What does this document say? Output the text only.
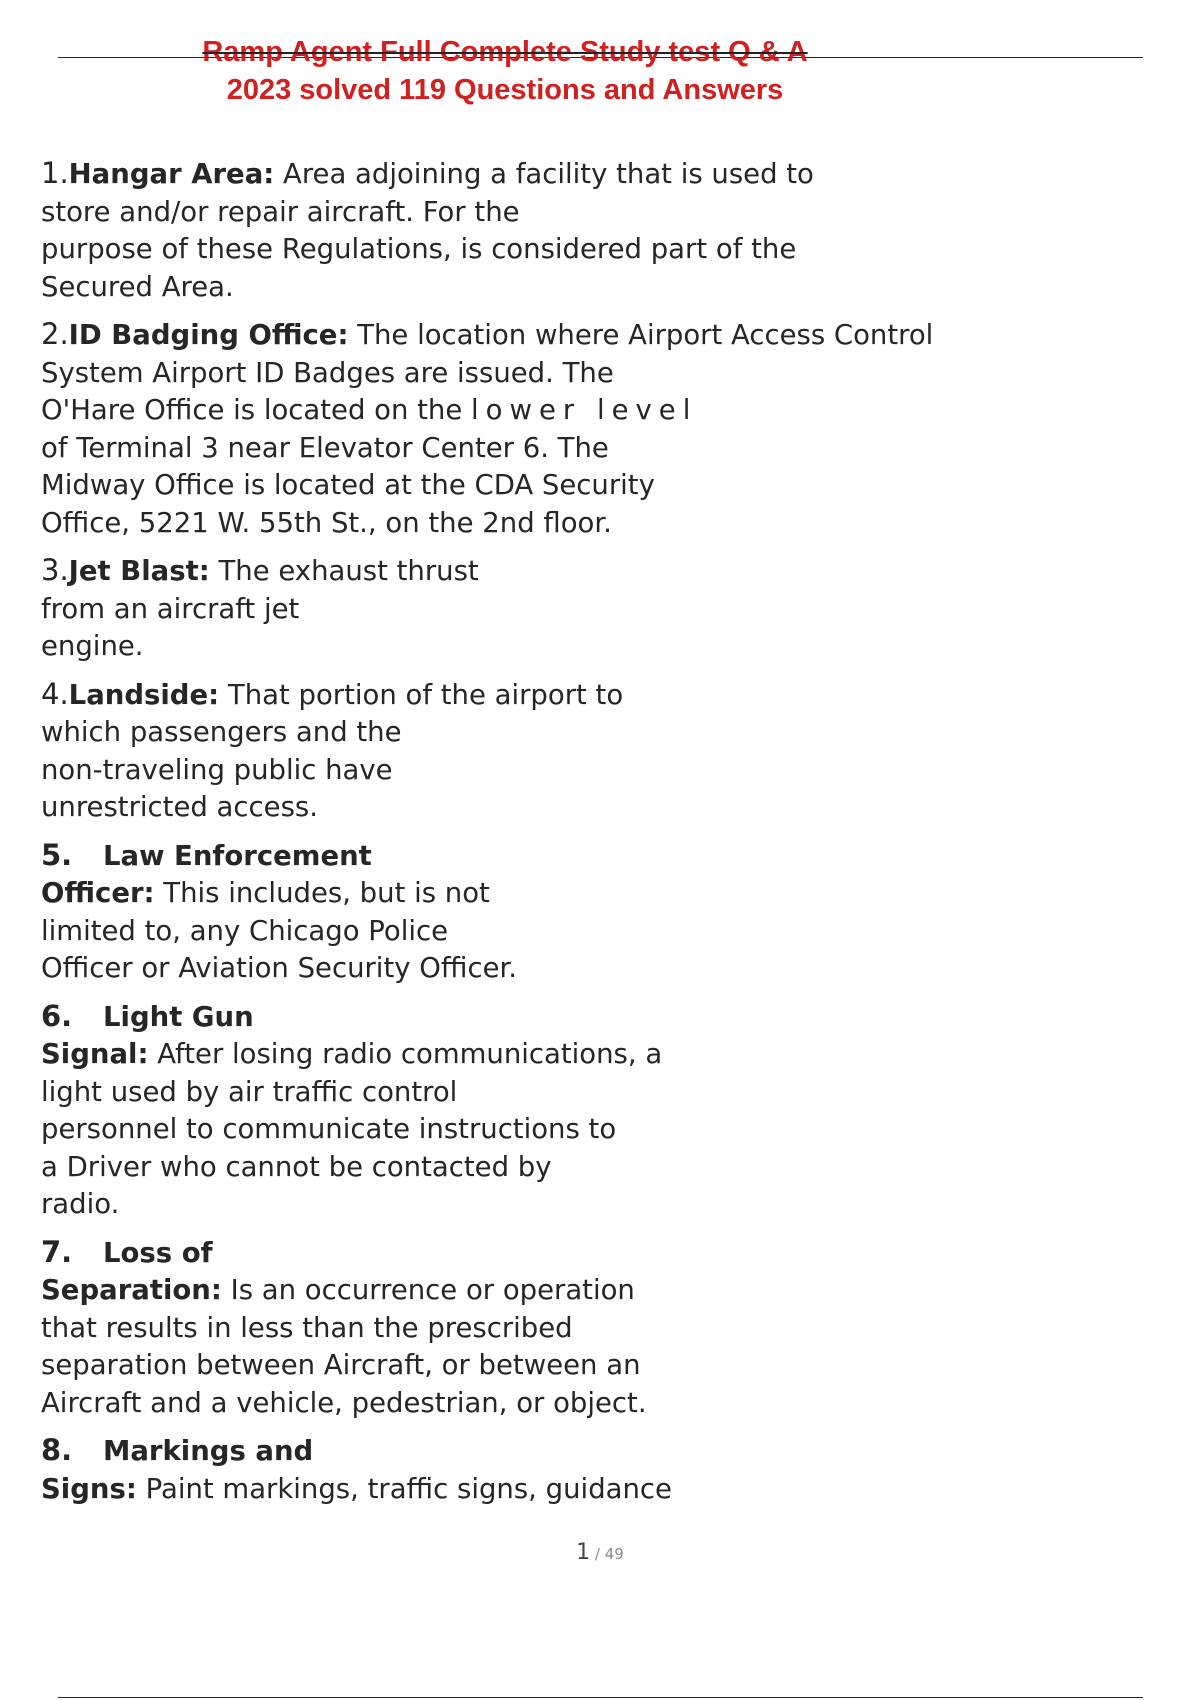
Ramp Agent Full Complete Study test Q & A
2023 solved 119 Questions and Answers
1.Hangar Area: Area adjoining a facility that is used to
store and/or repair aircraft. For the
purpose of these Regulations, is considered part of the
Secured Area.
2.ID Badging Office: The location where Airport Access Control
System Airport ID Badges are issued. The
O'Hare Office is located on the lower level
of Terminal 3 near Elevator Center 6. The
Midway Office is located at the CDA Security
Office, 5221 W. 55th St., on the 2nd floor.
3.Jet Blast: The exhaust thrust
from an aircraft jet
engine.
4.Landside: That portion of the airport to
which passengers and the
non-traveling public have
unrestricted access.
5. Law Enforcement
Officer: This includes, but is not
limited to, any Chicago Police
Officer or Aviation Security Officer.
6. Light Gun
Signal: After losing radio communications, a
light used by air traffic control
personnel to communicate instructions to
a Driver who cannot be contacted by
radio.
7. Loss of
Separation: Is an occurrence or operation
that results in less than the prescribed
separation between Aircraft, or between an
Aircraft and a vehicle, pedestrian, or object.
8. Markings and
Signs: Paint markings, traffic signs, guidance
1 / 49
